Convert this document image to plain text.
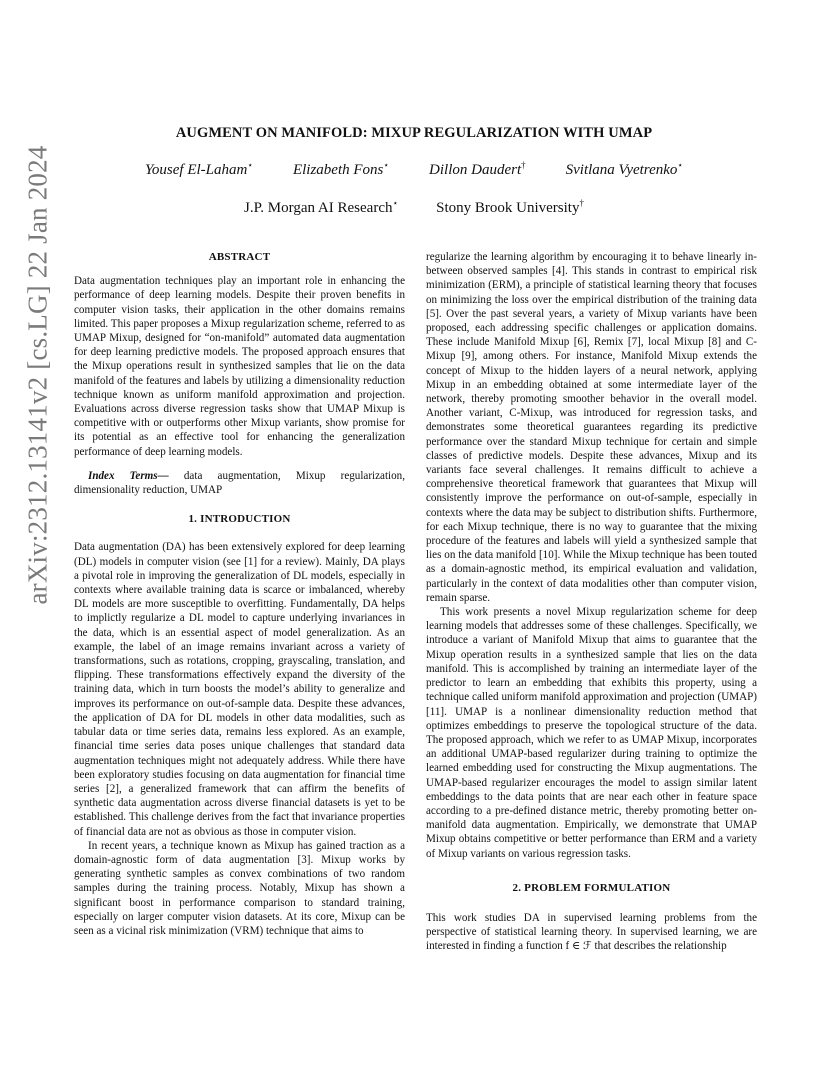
arXiv:2312.13141v2 [cs.LG] 22 Jan 2024
AUGMENT ON MANIFOLD: MIXUP REGULARIZATION WITH UMAP
Yousef El-Laham⋆	Elizabeth Fons⋆	Dillon Daudert†	Svitlana Vyetrenko⋆
J.P. Morgan AI Research⋆	Stony Brook University†
ABSTRACT

Data augmentation techniques play an important role in enhancing the performance of deep learning models. Despite their proven benefits in computer vision tasks, their application in the other domains remains limited. This paper proposes a Mixup regularization scheme, referred to as UMAP Mixup, designed for “on-manifold” automated data augmentation for deep learning predictive models. The proposed approach ensures that the Mixup operations result in synthesized samples that lie on the data manifold of the features and labels by utilizing a dimensionality reduction technique known as uniform manifold approximation and projection. Evaluations across diverse regression tasks show that UMAP Mixup is competitive with or outperforms other Mixup variants, show promise for its potential as an effective tool for enhancing the generalization performance of deep learning models.

Index Terms— data augmentation, Mixup regularization, dimensionality reduction, UMAP

1. INTRODUCTION

Data augmentation (DA) has been extensively explored for deep learning (DL) models in computer vision (see [1] for a review). Mainly, DA plays a pivotal role in improving the generalization of DL models, especially in contexts where available training data is scarce or imbalanced, whereby DL models are more susceptible to overfitting. Fundamentally, DA helps to implictly regularize a DL model to capture underlying invariances in the data, which is an essential aspect of model generalization. As an example, the label of an image remains invariant across a variety of transformations, such as rotations, cropping, grayscaling, translation, and flipping. These transformations effectively expand the diversity of the training data, which in turn boosts the model’s ability to generalize and improves its performance on out-of-sample data. Despite these advances, the application of DA for DL models in other data modalities, such as tabular data or time series data, remains less explored. As an example, financial time series data poses unique challenges that standard data augmentation techniques might not adequately address. While there have been exploratory studies focusing on data augmentation for financial time series [2], a generalized framework that can affirm the benefits of synthetic data augmentation across diverse financial datasets is yet to be established. This challenge derives from the fact that invariance properties of financial data are not as obvious as those in computer vision.

In recent years, a technique known as Mixup has gained traction as a domain-agnostic form of data augmentation [3]. Mixup works by generating synthetic samples as convex combinations of two random samples during the training process. Notably, Mixup has shown a significant boost in performance comparison to standard training, especially on larger computer vision datasets. At its core, Mixup can be seen as a vicinal risk minimization (VRM) technique that aims to

regularize the learning algorithm by encouraging it to behave linearly in-between observed samples [4]. This stands in contrast to empirical risk minimization (ERM), a principle of statistical learning theory that focuses on minimizing the loss over the empirical distribution of the training data [5]. Over the past several years, a variety of Mixup variants have been proposed, each addressing specific challenges or application domains. These include Manifold Mixup [6], Remix [7], local Mixup [8] and C-Mixup [9], among others. For instance, Manifold Mixup extends the concept of Mixup to the hidden layers of a neural network, applying Mixup in an embedding obtained at some intermediate layer of the network, thereby promoting smoother behavior in the overall model. Another variant, C-Mixup, was introduced for regression tasks, and demonstrates some theoretical guarantees regarding its predictive performance over the standard Mixup technique for certain and simple classes of predictive models. Despite these advances, Mixup and its variants face several challenges. It remains difficult to achieve a comprehensive theoretical framework that guarantees that Mixup will consistently improve the performance on out-of-sample, especially in contexts where the data may be subject to distribution shifts. Furthermore, for each Mixup technique, there is no way to guarantee that the mixing procedure of the features and labels will yield a synthesized sample that lies on the data manifold [10]. While the Mixup technique has been touted as a domain-agnostic method, its empirical evaluation and validation, particularly in the context of data modalities other than computer vision, remain sparse.

This work presents a novel Mixup regularization scheme for deep learning models that addresses some of these challenges. Specifically, we introduce a variant of Manifold Mixup that aims to guarantee that the Mixup operation results in a synthesized sample that lies on the data manifold. This is accomplished by training an intermediate layer of the predictor to learn an embedding that exhibits this property, using a technique called uniform manifold approximation and projection (UMAP) [11]. UMAP is a nonlinear dimensionality reduction method that optimizes embeddings to preserve the topological structure of the data. The proposed approach, which we refer to as UMAP Mixup, incorporates an additional UMAP-based regularizer during training to optimize the learned embedding used for constructing the Mixup augmentations. The UMAP-based regularizer encourages the model to assign similar latent embeddings to the data points that are near each other in feature space according to a pre-defined distance metric, thereby promoting better on-manifold data augmentation. Empirically, we demonstrate that UMAP Mixup obtains competitive or better performance than ERM and a variety of Mixup variants on various regression tasks.

2. PROBLEM FORMULATION

This work studies DA in supervised learning problems from the perspective of statistical learning theory. In supervised learning, we are interested in finding a function f ∈ ℱ that describes the relationship
